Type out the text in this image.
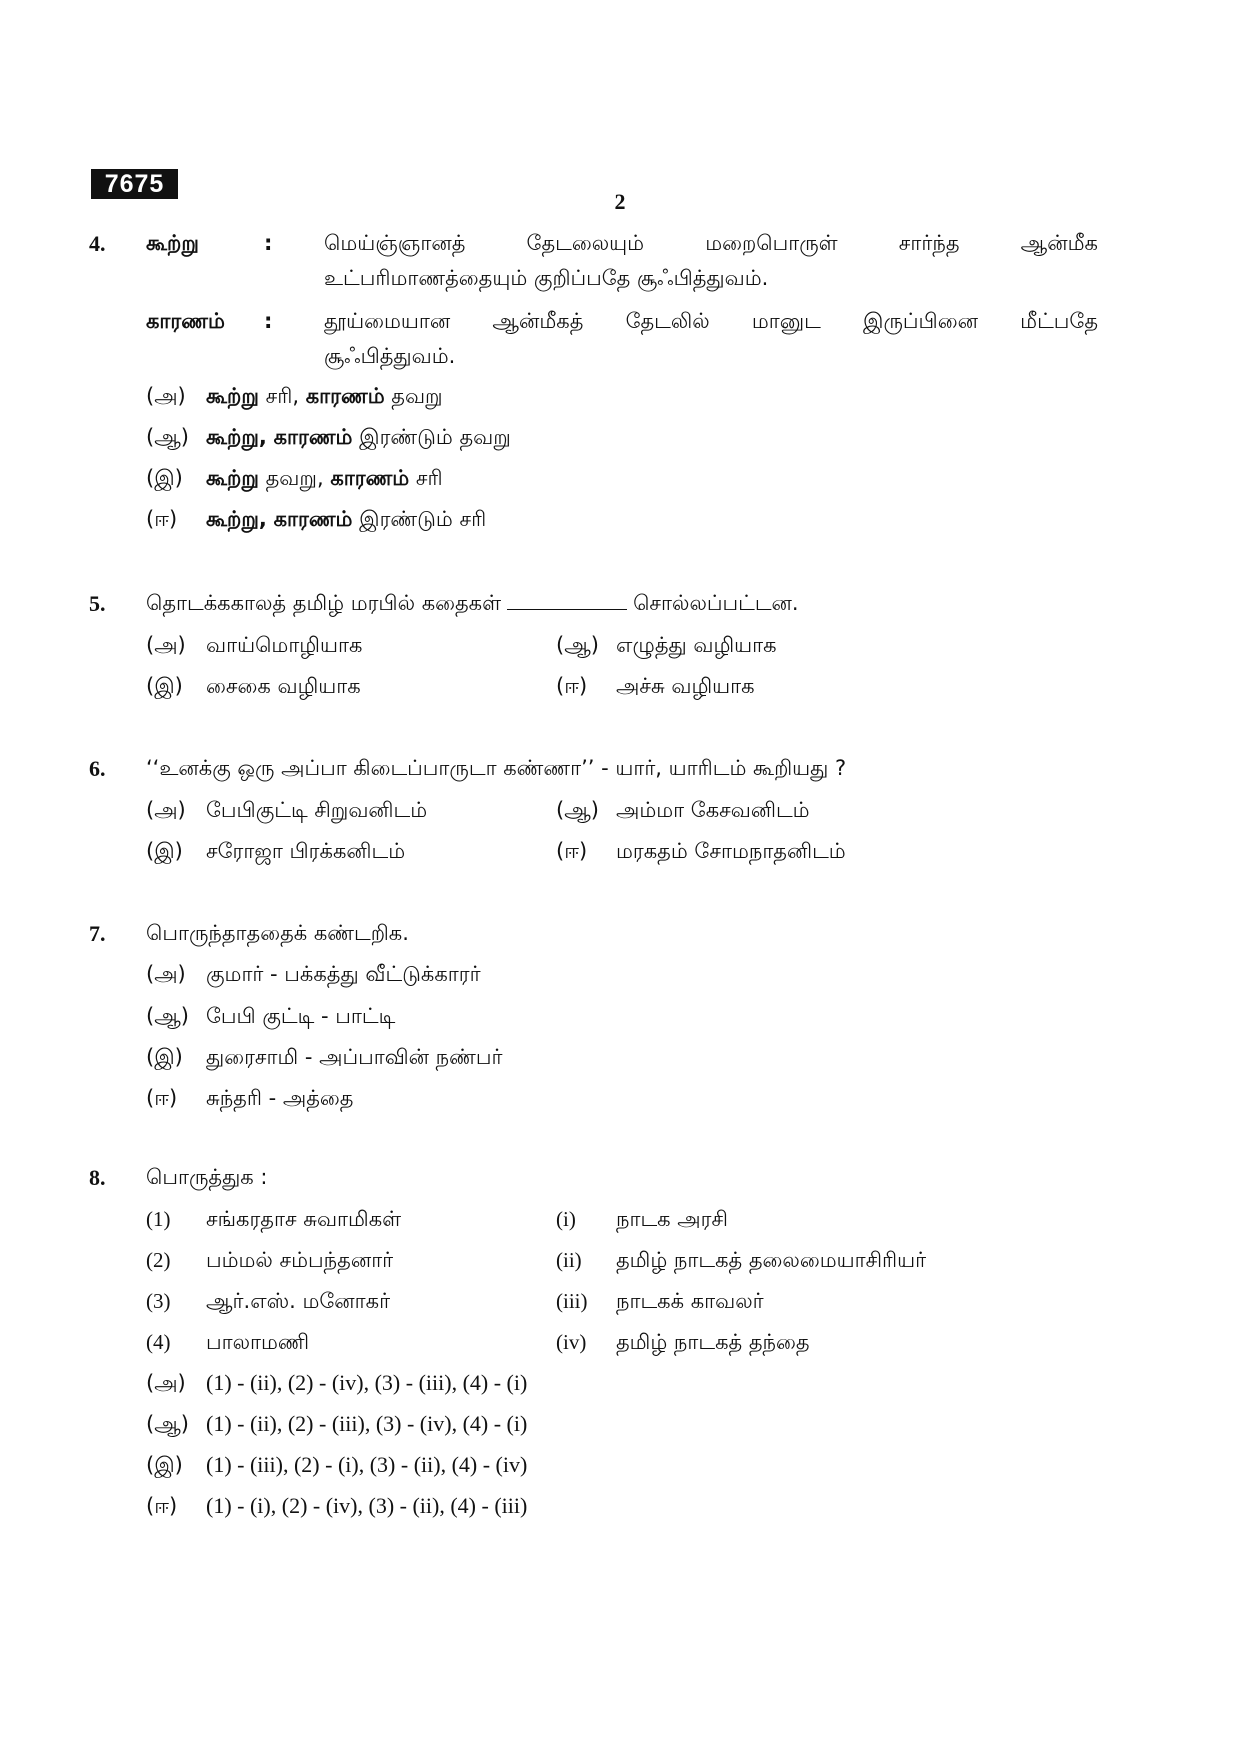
7675
2
4. கூற்று	: மெய்ஞ்ஞானத் தேடலையும் மறைபொருள் சார்ந்த ஆன்மீக
உட்பரிமாணத்தையும் குறிப்பதே சூஃபித்துவம்.
காரணம் : தூய்மையான ஆன்மீகத் தேடலில் மானுட இருப்பினை மீட்பதே
சூஃபித்துவம்.
(அ) கூற்று சரி, காரணம் தவறு
(ஆ) கூற்று, காரணம் இரண்டும் தவறு
(இ) கூற்று தவறு, காரணம் சரி
(ஈ) கூற்று, காரணம் இரண்டும் சரி
5. தொடக்ககாலத் தமிழ் மரபில் கதைகள்	சொல்லப்பட்டன.
(அ) வாய்மொழியாக	(ஆ) எழுத்து வழியாக
(இ) சைகை வழியாக	(ஈ) அச்சு வழியாக
6. ‘‘உனக்கு ஒரு அப்பா கிடைப்பாருடா கண்ணா’’ - யார், யாரிடம் கூறியது ?
(அ) பேபிகுட்டி சிறுவனிடம்	(ஆ) அம்மா கேசவனிடம்
(இ) சரோஜா பிரக்கனிடம்	(ஈ) மரகதம் சோமநாதனிடம்
7. பொருந்தாததைக் கண்டறிக.
(அ) குமார் - பக்கத்து வீட்டுக்காரர்
(ஆ) பேபி குட்டி - பாட்டி
(இ) துரைசாமி - அப்பாவின் நண்பர்
(ஈ) சுந்தரி - அத்தை
8. பொருத்துக :
(1) சங்கரதாச சுவாமிகள்	(i) நாடக அரசி
(2) பம்மல் சம்பந்தனார்	(ii) தமிழ் நாடகத் தலைமையாசிரியர்
(3) ஆர்.எஸ். மனோகர்	(iii) நாடகக் காவலர்
(4) பாலாமணி	(iv) தமிழ் நாடகத் தந்தை
(அ) (1) - (ii), (2) - (iv), (3) - (iii), (4) - (i)
(ஆ) (1) - (ii), (2) - (iii), (3) - (iv), (4) - (i)
(இ) (1) - (iii), (2) - (i), (3) - (ii), (4) - (iv)
(ஈ) (1) - (i), (2) - (iv), (3) - (ii), (4) - (iii)
